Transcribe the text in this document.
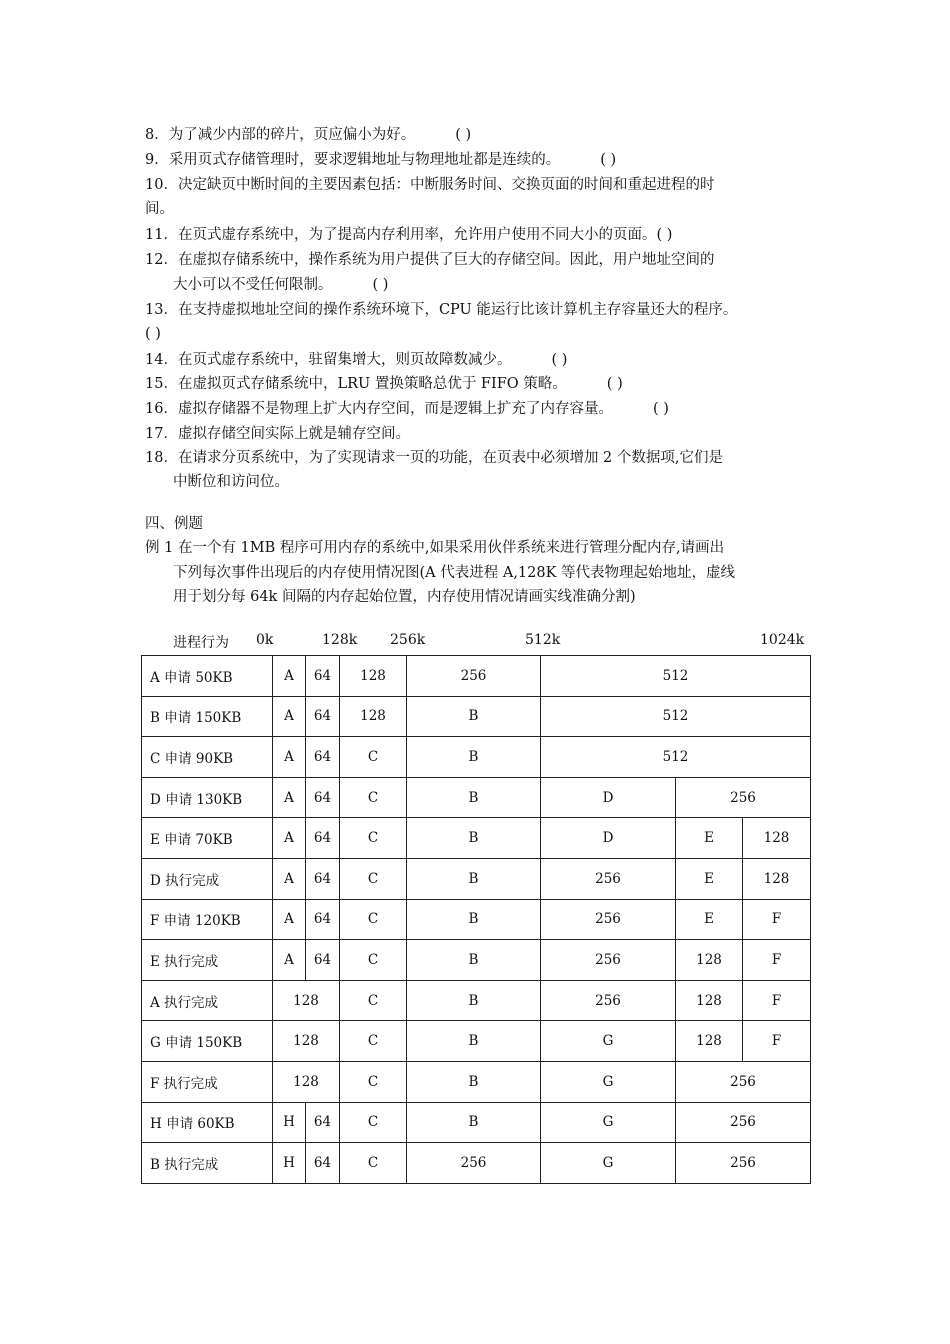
8．为了减少内部的碎片，页应偏小为好。	( )
9．采用页式存储管理时，要求逻辑地址与物理地址都是连续的。	( )
10．决定缺页中断时间的主要因素包括：中断服务时间、交换页面的时间和重起进程的时
间。
11．在页式虚存系统中，为了提高内存利用率，允许用户使用不同大小的页面。( )
12．在虚拟存储系统中，操作系统为用户提供了巨大的存储空间。因此，用户地址空间的
大小可以不受任何限制。	( )
13．在支持虚拟地址空间的操作系统环境下，CPU 能运行比该计算机主存容量还大的程序。
( )
14．在页式虚存系统中，驻留集增大，则页故障数减少。	( )
15．在虚拟页式存储系统中，LRU 置换策略总优于 FIFO 策略。	( )
16．虚拟存储器不是物理上扩大内存空间，而是逻辑上扩充了内存容量。	( )
17．虚拟存储空间实际上就是辅存空间。
18．在请求分页系统中，为了实现请求一页的功能，在页表中必须增加 2 个数据项,它们是
中断位和访问位。
四、例题
例 1 在一个有 1MB 程序可用内存的系统中,如果采用伙伴系统来进行管理分配内存,请画出
下列每次事件出现后的内存使用情况图(A 代表进程 A,128K 等代表物理起始地址，虚线
用于划分每 64k 间隔的内存起始位置，内存使用情况请画实线准确分割)
进程行为 0k	128k 256k	512k	1024k
A 申请 50KB	A	64	128	256	512		
B 申请 150KB	A	64	128	B	512		
C 申请 90KB	A	64	C	B	512		
D 申请 130KB	A	64	C	B	D	256	
E 申请 70KB	A	64	C	B	D	E	128
D 执行完成	A	64	C	B	256	E	128
F 申请 120KB	A	64	C	B	256	E	F
E 执行完成	A	64	C	B	256	128	F
A 执行完成	128		C	B	256	128	F
G 申请 150KB	128		C	B	G	128	F
F 执行完成	128		C	B	G	256	
H 申请 60KB	H	64	C	B	G	256	
B 执行完成	H	64	C	256	G	256	
